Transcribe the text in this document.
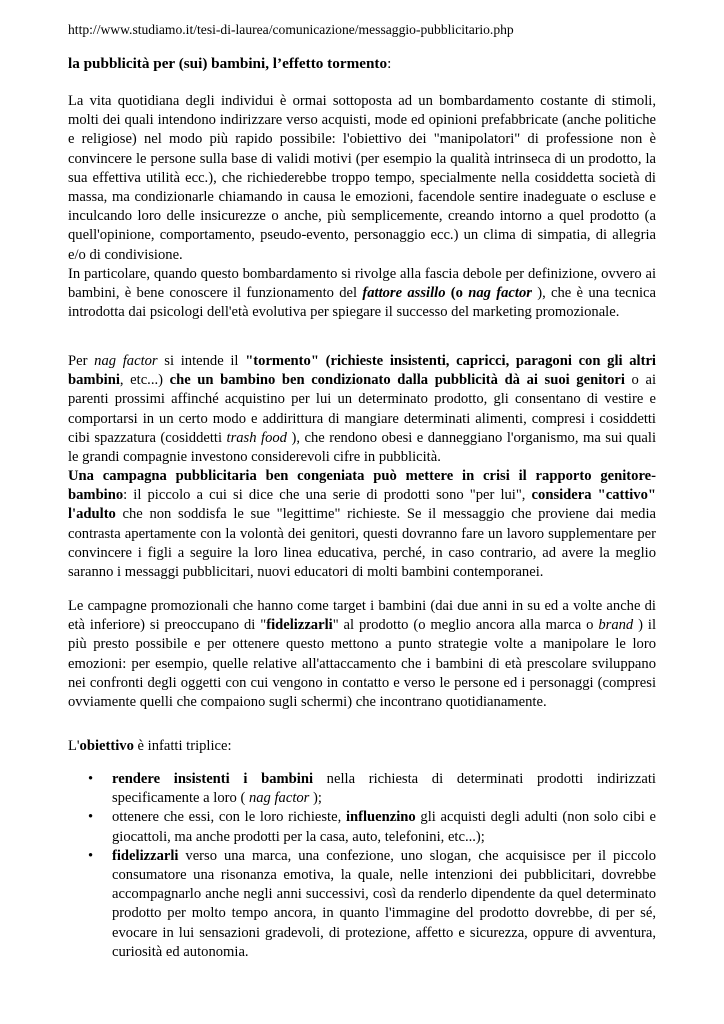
http://www.studiamo.it/tesi-di-laurea/comunicazione/messaggio-pubblicitario.php
la pubblicità per (sui) bambini, l’effetto tormento:

La vita quotidiana degli individui è ormai sottoposta ad un bombardamento costante di stimoli, molti dei quali intendono indirizzare verso acquisti, mode ed opinioni prefabbricate (anche politiche e religiose) nel modo più rapido possibile: l'obiettivo dei "manipolatori" di professione non è convincere le persone sulla base di validi motivi (per esempio la qualità intrinseca di un prodotto, la sua effettiva utilità ecc.), che richiederebbe troppo tempo, specialmente nella cosiddetta società di massa, ma condizionarle chiamando in causa le emozioni, facendole sentire inadeguate o escluse e inculcando loro delle insicurezze o anche, più semplicemente, creando intorno a quel prodotto (a quell'opinione, comportamento, pseudo-evento, personaggio ecc.) un clima di simpatia, di allegria e/o di condivisione.

In particolare, quando questo bombardamento si rivolge alla fascia debole per definizione, ovvero ai bambini, è bene conoscere il funzionamento del fattore assillo (o nag factor ), che è una tecnica introdotta dai psicologi dell'età evolutiva per spiegare il successo del marketing promozionale.

Per nag factor si intende il "tormento" (richieste insistenti, capricci, paragoni con gli altri bambini, etc...) che un bambino ben condizionato dalla pubblicità dà ai suoi genitori o ai parenti prossimi affinché acquistino per lui un determinato prodotto, gli consentano di vestire e comportarsi in un certo modo e addirittura di mangiare determinati alimenti, compresi i cosiddetti cibi spazzatura (cosiddetti trash food ), che rendono obesi e danneggiano l'organismo, ma sui quali le grandi compagnie investono considerevoli cifre in pubblicità.

Una campagna pubblicitaria ben congeniata può mettere in crisi il rapporto genitore-bambino: il piccolo a cui si dice che una serie di prodotti sono "per lui", considera "cattivo" l'adulto che non soddisfa le sue "legittime" richieste. Se il messaggio che proviene dai media contrasta apertamente con la volontà dei genitori, questi dovranno fare un lavoro supplementare per convincere i figli a seguire la loro linea educativa, perché, in caso contrario, ad avere la meglio saranno i messaggi pubblicitari, nuovi educatori di molti bambini contemporanei.

Le campagne promozionali che hanno come target i bambini (dai due anni in su ed a volte anche di età inferiore) si preoccupano di "fidelizzarli" al prodotto (o meglio ancora alla marca o brand ) il più presto possibile e per ottenere questo mettono a punto strategie volte a manipolare le loro emozioni: per esempio, quelle relative all'attaccamento che i bambini di età prescolare sviluppano nei confronti degli oggetti con cui vengono in contatto e verso le persone ed i personaggi (compresi ovviamente quelli che compaiono sugli schermi) che incontrano quotidianamente.

L'obiettivo è infatti triplice:

• rendere insistenti i bambini nella richiesta di determinati prodotti indirizzati specificamente a loro ( nag factor );
• ottenere che essi, con le loro richieste, influenzino gli acquisti degli adulti (non solo cibi e giocattoli, ma anche prodotti per la casa, auto, telefonini, etc...);
• fidelizzarli verso una marca, una confezione, uno slogan, che acquisisce per il piccolo consumatore una risonanza emotiva, la quale, nelle intenzioni dei pubblicitari, dovrebbe accompagnarlo anche negli anni successivi, così da renderlo dipendente da quel determinato prodotto per molto tempo ancora, in quanto l'immagine del prodotto dovrebbe, di per sé, evocare in lui sensazioni gradevoli, di protezione, affetto e sicurezza, oppure di avventura, curiosità ed autonomia.
